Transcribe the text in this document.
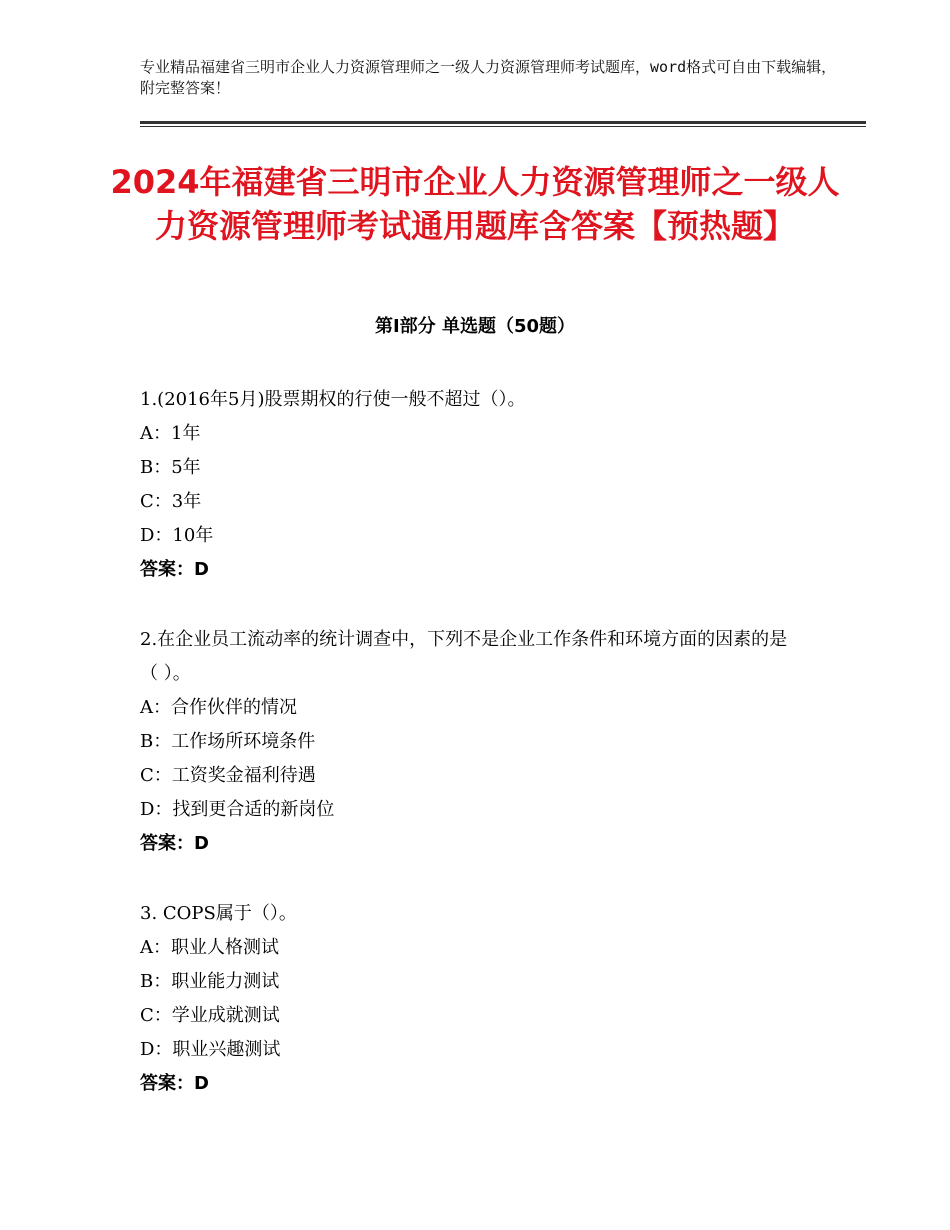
专业精品福建省三明市企业人力资源管理师之一级人力资源管理师考试题库，word格式可自由下载编辑，附完整答案！
2024年福建省三明市企业人力资源管理师之一级人力资源管理师考试通用题库含答案【预热题】
第Ⅰ部分 单选题（50题）

1.(2016年5月)股票期权的行使一般不超过（）。

A：1年

B：5年

C：3年

D：10年

答案：D

2.在企业员工流动率的统计调查中，下列不是企业工作条件和环境方面的因素的是（ ）。

A：合作伙伴的情况

B：工作场所环境条件

C：工资奖金福利待遇

D：找到更合适的新岗位

答案：D

3. COPS属于（）。

A：职业人格测试

B：职业能力测试

C：学业成就测试

D：职业兴趣测试

答案：D
